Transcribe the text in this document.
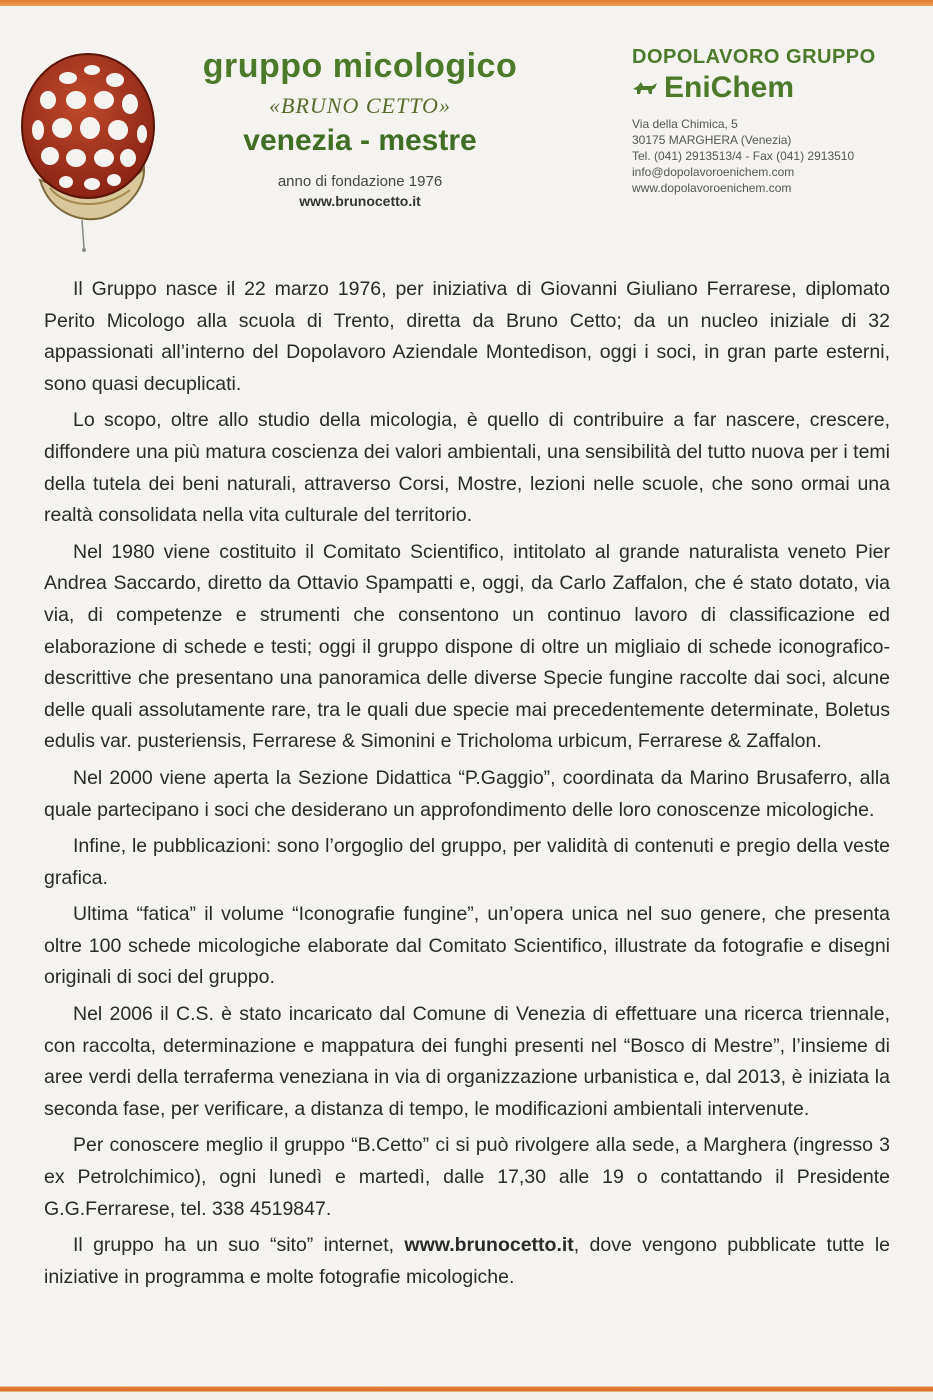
gruppo micologico
«BRUNO CETTO»
venezia - mestre
anno di fondazione 1976
www.brunocetto.it
DOPOLAVORO GRUPPO
EniChem
Via della Chimica, 5
30175 MARGHERA (Venezia)
Tel. (041) 2913513/4 - Fax (041) 2913510
info@dopolavoroenichem.com
www.dopolavoroenichem.com

Il Gruppo nasce il 22 marzo 1976, per iniziativa di Giovanni Giuliano Ferrarese, diplomato Perito Micologo alla scuola di Trento, diretta da Bruno Cetto; da un nucleo iniziale di 32 appassionati all’interno del Dopolavoro Aziendale Montedison, oggi i soci, in gran parte esterni, sono quasi decuplicati.

Lo scopo, oltre allo studio della micologia, è quello di contribuire a far nascere, crescere, diffondere una più matura coscienza dei valori ambientali, una sensibilità del tutto nuova per i temi della tutela dei beni naturali, attraverso Corsi, Mostre, lezioni nelle scuole, che sono ormai una realtà consolidata nella vita culturale del territorio.

Nel 1980 viene costituito il Comitato Scientifico, intitolato al grande naturalista veneto Pier Andrea Saccardo, diretto da Ottavio Spampatti e, oggi, da Carlo Zaffalon, che é stato dotato, via via, di competenze e strumenti che consentono un continuo lavoro di classificazione ed elaborazione di schede e testi; oggi il gruppo dispone di oltre un migliaio di schede iconografico-descrittive che presentano una panoramica delle diverse Specie fungine raccolte dai soci, alcune delle quali assolutamente rare, tra le quali due specie mai precedentemente determinate, Boletus edulis var. pusteriensis, Ferrarese & Simonini e Tricholoma urbicum, Ferrarese & Zaffalon.

Nel 2000 viene aperta la Sezione Didattica “P.Gaggio”, coordinata da Marino Brusaferro, alla quale partecipano i soci che desiderano un approfondimento delle loro conoscenze micologiche.

Infine, le pubblicazioni: sono l’orgoglio del gruppo, per validità di contenuti e pregio della veste grafica.

Ultima “fatica” il volume “Iconografie fungine”, un’opera unica nel suo genere, che presenta oltre 100 schede micologiche elaborate dal Comitato Scientifico, illustrate da fotografie e disegni originali di soci del gruppo.

Nel 2006 il C.S. è stato incaricato dal Comune di Venezia di effettuare una ricerca triennale, con raccolta, determinazione e mappatura dei funghi presenti nel “Bosco di Mestre”, l’insieme di aree verdi della terraferma veneziana in via di organizzazione urbanistica e, dal 2013, è iniziata la seconda fase, per verificare, a distanza di tempo, le modificazioni ambientali intervenute.

Per conoscere meglio il gruppo “B.Cetto” ci si può rivolgere alla sede, a Marghera (ingresso 3 ex Petrolchimico), ogni lunedì e martedì, dalle 17,30 alle 19 o contattando il Presidente G.G.Ferrarese, tel. 338 4519847.

Il gruppo ha un suo “sito” internet, www.brunocetto.it, dove vengono pubblicate tutte le iniziative in programma e molte fotografie micologiche.
